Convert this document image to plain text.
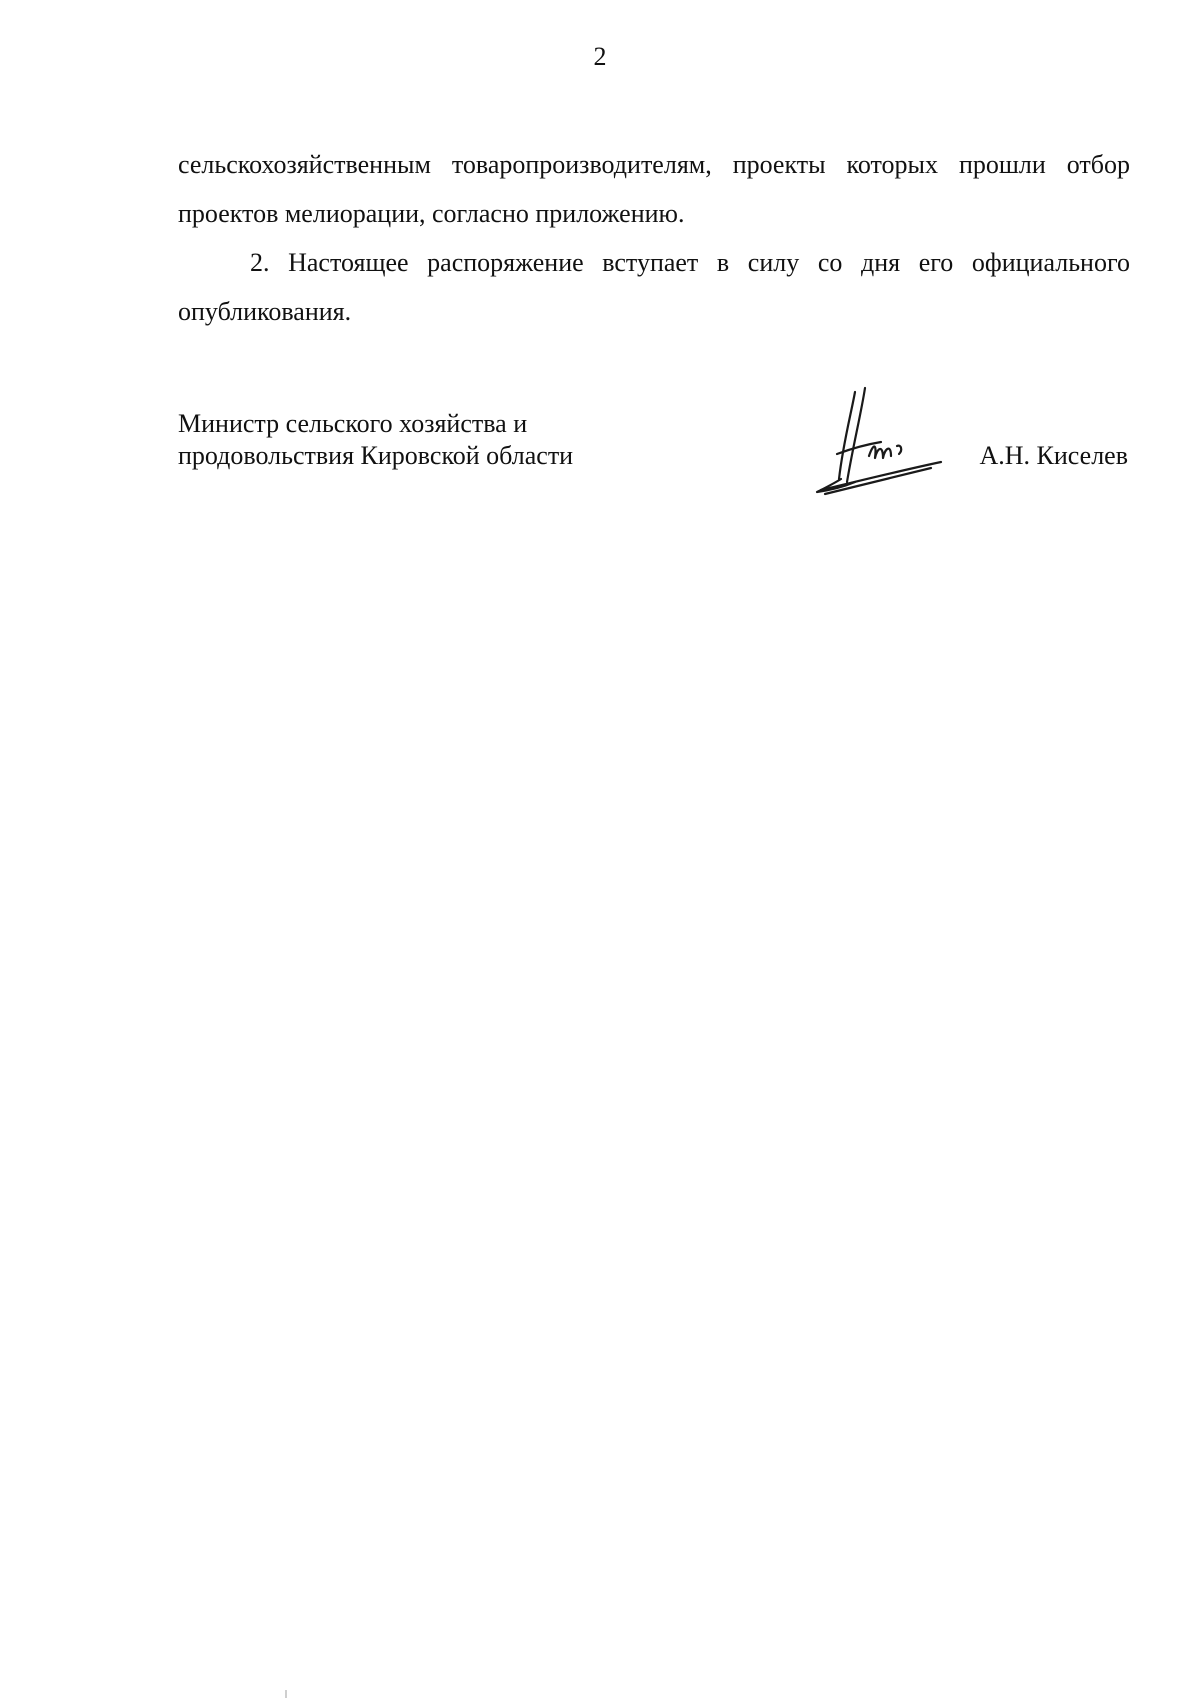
2

сельскохозяйственным товаропроизводителям, проекты которых прошли отбор проектов мелиорации, согласно приложению.

2. Настоящее распоряжение вступает в силу со дня его официального опубликования.

Министр сельского хозяйства и
продовольствия Кировской области	А.Н. Киселев
